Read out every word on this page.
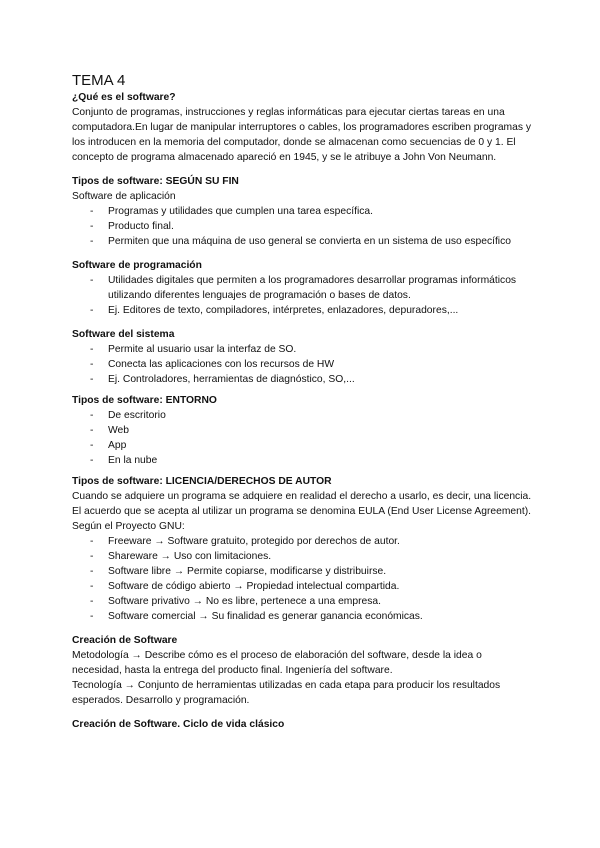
TEMA 4
¿Qué es el software?

Conjunto de programas, instrucciones y reglas informáticas para ejecutar ciertas tareas en una computadora.En lugar de manipular interruptores o cables, los programadores escriben programas y los introducen en la memoria del computador, donde se almacenan como secuencias de 0 y 1. El concepto de programa almacenado apareció en 1945, y se le atribuye a John Von Neumann.

Tipos de software: SEGÚN SU FIN

Software de aplicación

- Programas y utilidades que cumplen una tarea específica.
- Producto final.
- Permiten que una máquina de uso general se convierta en un sistema de uso específico
Software de programación
- Utilidades digitales que permiten a los programadores desarrollar programas informáticos utilizando diferentes lenguajes de programación o bases de datos.
- Ej. Editores de texto, compiladores, intérpretes, enlazadores, depuradores,...
Software del sistema
- Permite al usuario usar la interfaz de SO.
- Conecta las aplicaciones con los recursos de HW
- Ej. Controladores, herramientas de diagnóstico, SO,...
Tipos de software: ENTORNO
- De escritorio
- Web
- App
- En la nube
Tipos de software: LICENCIA/DERECHOS DE AUTOR

Cuando se adquiere un programa se adquiere en realidad el derecho a usarlo, es decir, una licencia. El acuerdo que se acepta al utilizar un programa se denomina EULA (End User License Agreement). Según el Proyecto GNU:

- Freeware → Software gratuito, protegido por derechos de autor.
- Shareware → Uso con limitaciones.
- Software libre → Permite copiarse, modificarse y distribuirse.
- Software de código abierto → Propiedad intelectual compartida.
- Software privativo → No es libre, pertenece a una empresa.
- Software comercial → Su finalidad es generar ganancia económicas.
Creación de Software

Metodología → Describe cómo es el proceso de elaboración del software, desde la idea o necesidad, hasta la entrega del producto final. Ingeniería del software.

Tecnología → Conjunto de herramientas utilizadas en cada etapa para producir los resultados esperados. Desarrollo y programación.

Creación de Software. Ciclo de vida clásico
